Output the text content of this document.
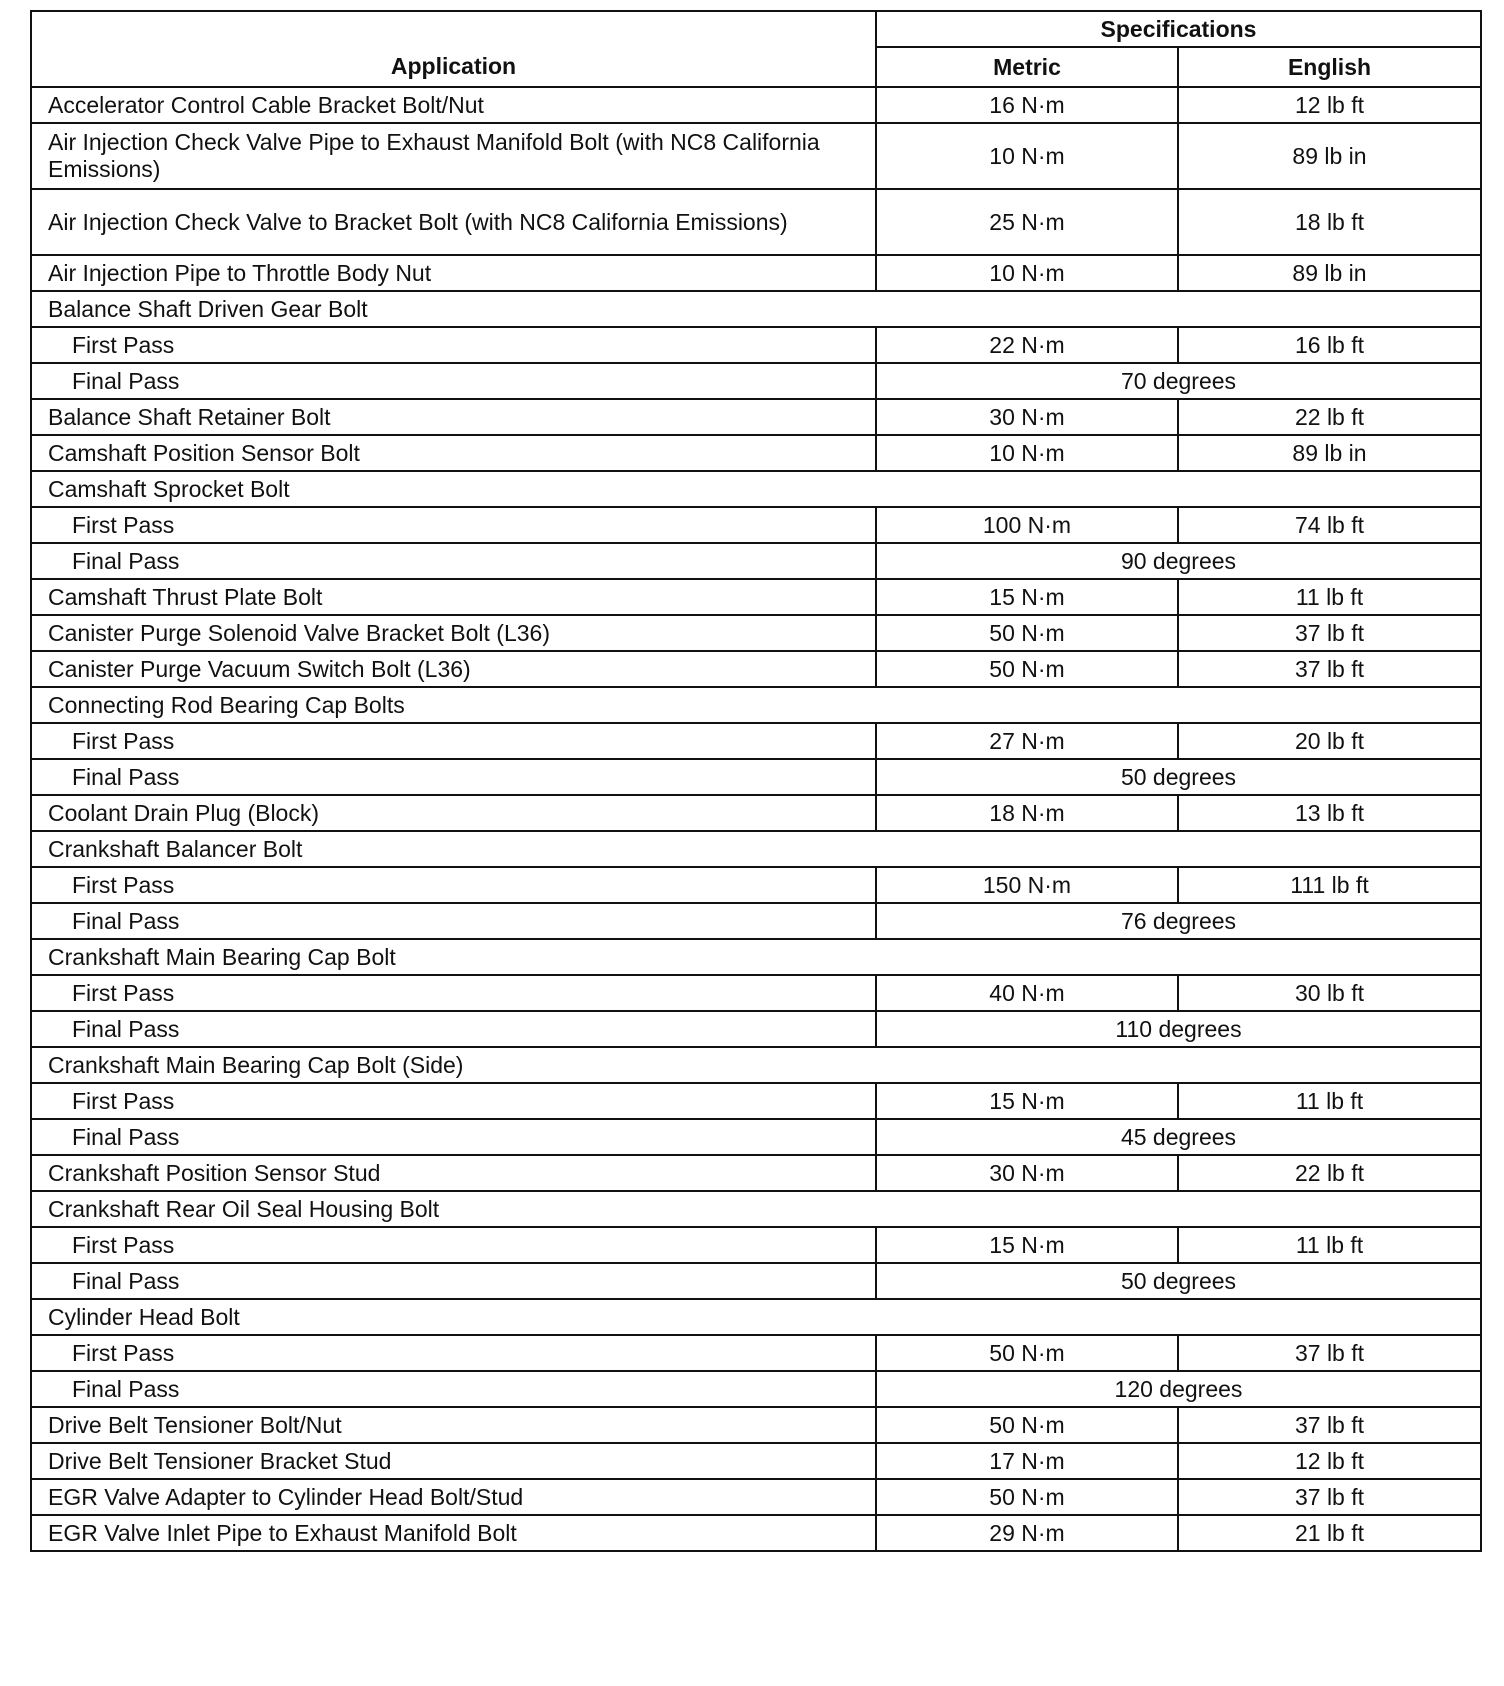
Application	Specifications	
	Metric	English
Accelerator Control Cable Bracket Bolt/Nut	16 N·m	12 lb ft
Air Injection Check Valve Pipe to Exhaust Manifold Bolt (with NC8 California Emissions)	10 N·m	89 lb in
Air Injection Check Valve to Bracket Bolt (with NC8 California Emissions)	25 N·m	18 lb ft
Air Injection Pipe to Throttle Body Nut	10 N·m	89 lb in
Balance Shaft Driven Gear Bolt		
First Pass	22 N·m	16 lb ft
Final Pass	70 degrees	
Balance Shaft Retainer Bolt	30 N·m	22 lb ft
Camshaft Position Sensor Bolt	10 N·m	89 lb in
Camshaft Sprocket Bolt		
First Pass	100 N·m	74 lb ft
Final Pass	90 degrees	
Camshaft Thrust Plate Bolt	15 N·m	11 lb ft
Canister Purge Solenoid Valve Bracket Bolt (L36)	50 N·m	37 lb ft
Canister Purge Vacuum Switch Bolt (L36)	50 N·m	37 lb ft
Connecting Rod Bearing Cap Bolts		
First Pass	27 N·m	20 lb ft
Final Pass	50 degrees	
Coolant Drain Plug (Block)	18 N·m	13 lb ft
Crankshaft Balancer Bolt		
First Pass	150 N·m	111 lb ft
Final Pass	76 degrees	
Crankshaft Main Bearing Cap Bolt		
First Pass	40 N·m	30 lb ft
Final Pass	110 degrees	
Crankshaft Main Bearing Cap Bolt (Side)		
First Pass	15 N·m	11 lb ft
Final Pass	45 degrees	
Crankshaft Position Sensor Stud	30 N·m	22 lb ft
Crankshaft Rear Oil Seal Housing Bolt		
First Pass	15 N·m	11 lb ft
Final Pass	50 degrees	
Cylinder Head Bolt		
First Pass	50 N·m	37 lb ft
Final Pass	120 degrees	
Drive Belt Tensioner Bolt/Nut	50 N·m	37 lb ft
Drive Belt Tensioner Bracket Stud	17 N·m	12 lb ft
EGR Valve Adapter to Cylinder Head Bolt/Stud	50 N·m	37 lb ft
EGR Valve Inlet Pipe to Exhaust Manifold Bolt	29 N·m	21 lb ft
